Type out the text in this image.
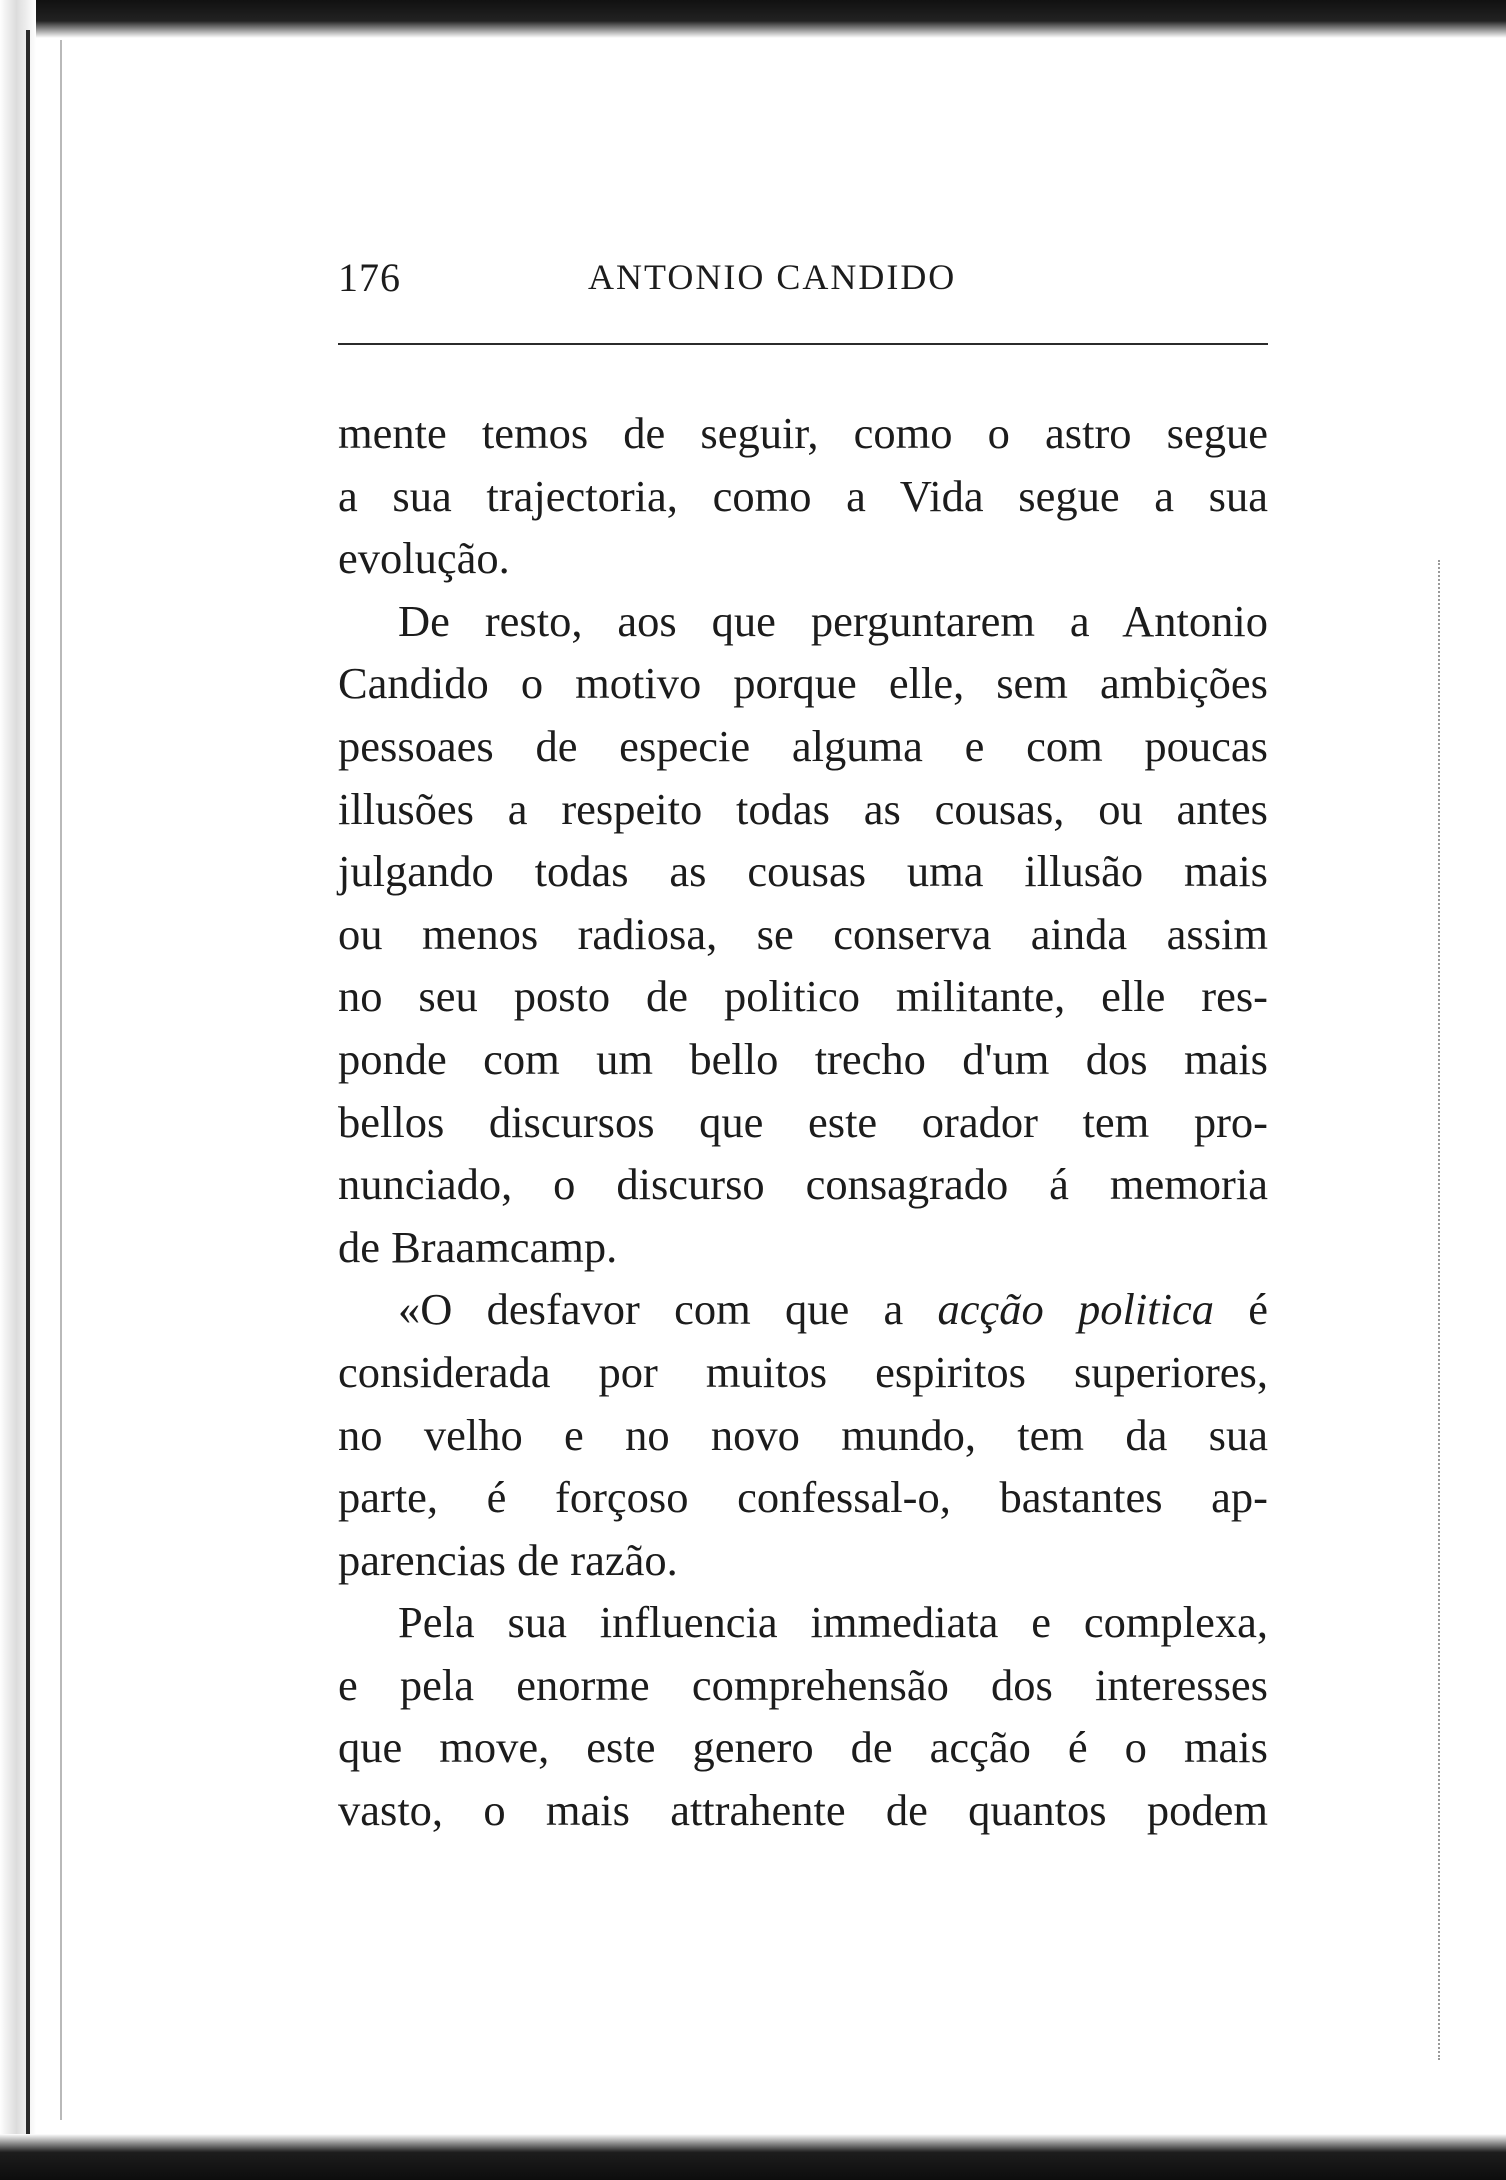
176	ANTONIO CANDIDO

mente temos de seguir, como o astro segue
a sua trajectoria, como a Vida segue a sua
evolução.

De resto, aos que perguntarem a Antonio
Candido o motivo porque elle, sem ambições
pessoaes de especie alguma e com poucas
illusões a respeito todas as cousas, ou antes
julgando todas as cousas uma illusão mais
ou menos radiosa, se conserva ainda assim
no seu posto de politico militante, elle res-
ponde com um bello trecho d'um dos mais
bellos discursos que este orador tem pro-
nunciado, o discurso consagrado á memoria
de Braamcamp.

«O desfavor com que a acção politica é
considerada por muitos espiritos superiores,
no velho e no novo mundo, tem da sua
parte, é forçoso confessal-o, bastantes ap-
parencias de razão.

Pela sua influencia immediata e complexa,
e pela enorme comprehensão dos interesses
que move, este genero de acção é o mais
vasto, o mais attrahente de quantos podem
